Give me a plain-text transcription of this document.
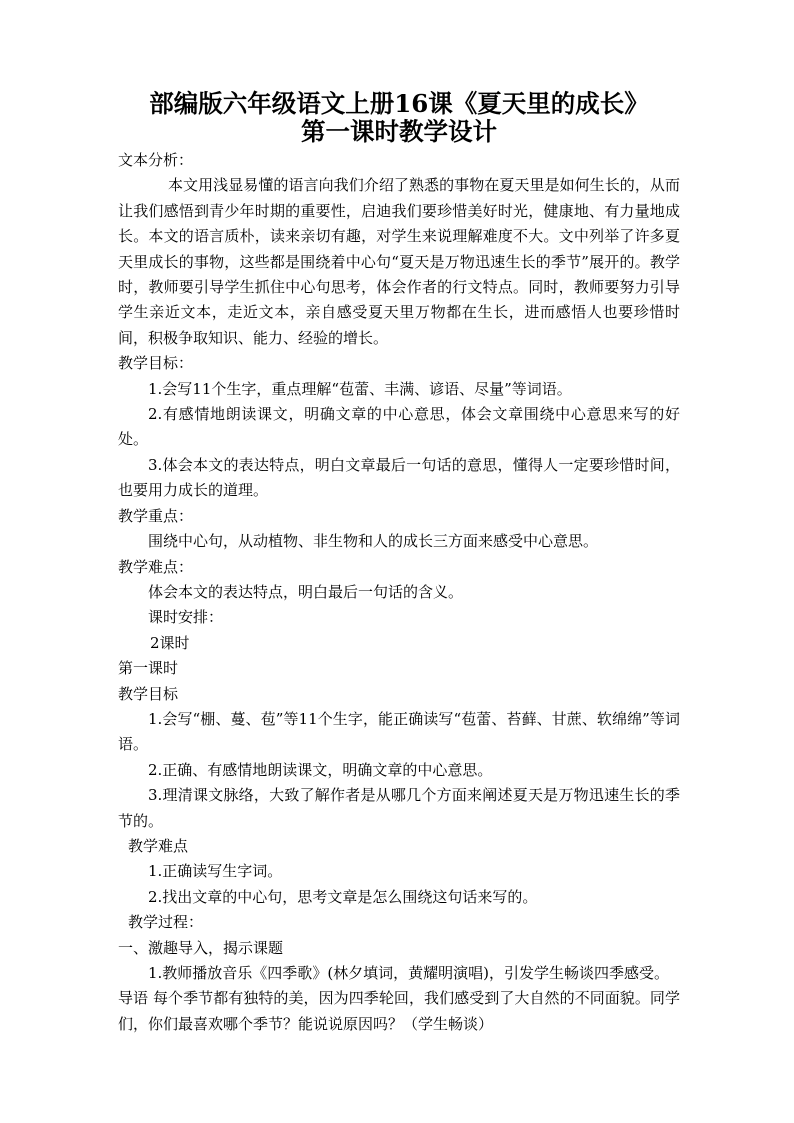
部编版六年级语文上册16课《夏天里的成长》

第一课时教学设计

文本分析：

本文用浅显易懂的语言向我们介绍了熟悉的事物在夏天里是如何生长的，从而让我们感悟到青少年时期的重要性，启迪我们要珍惜美好时光，健康地、有力量地成长。本文的语言质朴，读来亲切有趣，对学生来说理解难度不大。文中列举了许多夏天里成长的事物，这些都是围绕着中心句“夏天是万物迅速生长的季节”展开的。教学时，教师要引导学生抓住中心句思考，体会作者的行文特点。同时，教师要努力引导学生亲近文本，走近文本，亲自感受夏天里万物都在生长，进而感悟人也要珍惜时间，积极争取知识、能力、经验的增长。

教学目标：

1.会写11个生字，重点理解“苞蕾、丰满、谚语、尽量”等词语。

2.有感情地朗读课文，明确文章的中心意思，体会文章围绕中心意思来写的好处。

3.体会本文的表达特点，明白文章最后一句话的意思，懂得人一定要珍惜时间，也要用力成长的道理。

教学重点：

围绕中心句，从动植物、非生物和人的成长三方面来感受中心意思。

教学难点：

体会本文的表达特点，明白最后一句话的含义。

课时安排：

2课时

第一课时

教学目标

1.会写“棚、蔓、苞”等11个生字，能正确读写“苞蕾、苔藓、甘蔗、软绵绵”等词语。

2.正确、有感情地朗读课文，明确文章的中心意思。

3.理清课文脉络，大致了解作者是从哪几个方面来阐述夏天是万物迅速生长的季节的。

教学难点

1.正确读写生字词。

2.找出文章的中心句，思考文章是怎么围绕这句话来写的。

教学过程：

一、激趣导入，揭示课题

1.教师播放音乐《四季歌》(林夕填词，黄耀明演唱)，引发学生畅谈四季感受。

导语 每个季节都有独特的美，因为四季轮回，我们感受到了大自然的不同面貌。同学们，你们最喜欢哪个季节？能说说原因吗？（学生畅谈）
